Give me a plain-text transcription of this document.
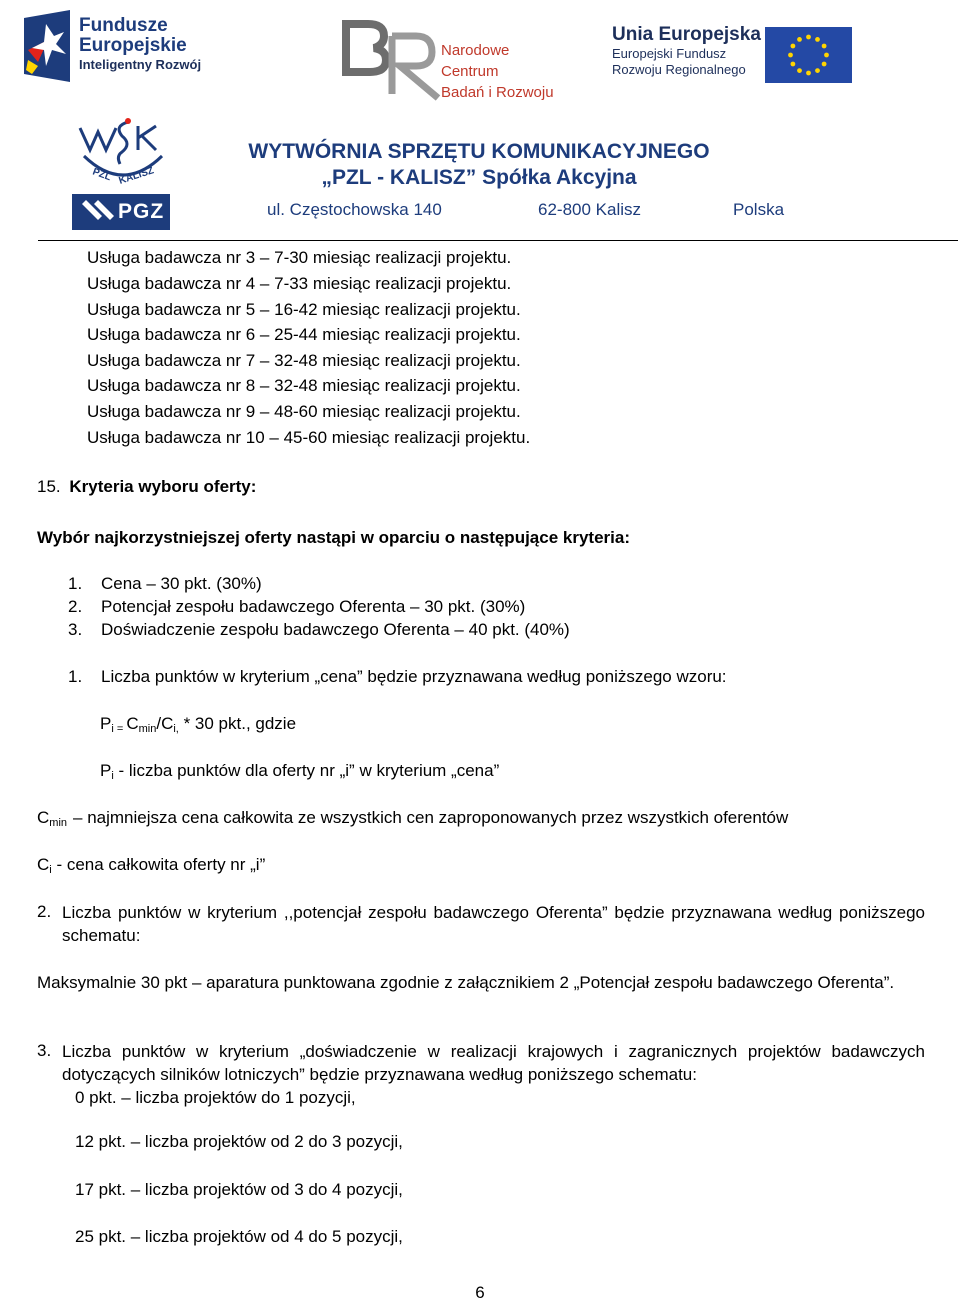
Fundusze
Europejskie
Inteligentny Rozwój
Narodowe Centrum
Badań i Rozwoju
Unia Europejska
Europejski Fundusz
Rozwoju Regionalnego
PZL KALISZ
PGZ
WYTWÓRNIA SPRZĘTU KOMUNIKACYJNEGO
„PZL - KALISZ” Spółka Akcyjna
ul. Częstochowska 140	62-800 Kalisz	Polska
Usługa badawcza nr 3 – 7-30 miesiąc realizacji projektu.
Usługa badawcza nr 4 – 7-33 miesiąc realizacji projektu.
Usługa badawcza nr 5 – 16-42 miesiąc realizacji projektu.
Usługa badawcza nr 6 – 25-44 miesiąc realizacji projektu.
Usługa badawcza nr 7 – 32-48 miesiąc realizacji projektu.
Usługa badawcza nr 8 – 32-48 miesiąc realizacji projektu.
Usługa badawcza nr 9 – 48-60 miesiąc realizacji projektu.
Usługa badawcza nr 10 – 45-60 miesiąc realizacji projektu.
15. Kryteria wyboru oferty:
Wybór najkorzystniejszej oferty nastąpi w oparciu o następujące kryteria:
1. Cena – 30 pkt. (30%)
2. Potencjał zespołu badawczego Oferenta – 30 pkt. (30%)
3. Doświadczenie zespołu badawczego Oferenta – 40 pkt. (40%)
1. Liczba punktów w kryterium „cena” będzie przyznawana według poniższego wzoru:
$P_{i =}$ $C_{min}/C_{i,} * 30$ pkt., gdzie
$P_i$ - liczba punktów dla oferty nr „i” w kryterium „cena”
$C_{min}$ – najmniejsza cena całkowita ze wszystkich cen zaproponowanych przez wszystkich oferentów
$C_i$ - cena całkowita oferty nr „i”
2. Liczba punktów w kryterium ,,potencjał zespołu badawczego Oferenta” będzie przyznawana według poniższego schematu:
Maksymalnie 30 pkt – aparatura punktowana zgodnie z załącznikiem 2 „Potencjał zespołu badawczego Oferenta”.
3. Liczba punktów w kryterium „doświadczenie w realizacji krajowych i zagranicznych projektów badawczych dotyczących silników lotniczych” będzie przyznawana według poniższego schematu:
0 pkt. – liczba projektów do 1 pozycji,
12 pkt. – liczba projektów od 2 do 3 pozycji,
17 pkt. – liczba projektów od 3 do 4 pozycji,
25 pkt. – liczba projektów od 4 do 5 pozycji,
6
